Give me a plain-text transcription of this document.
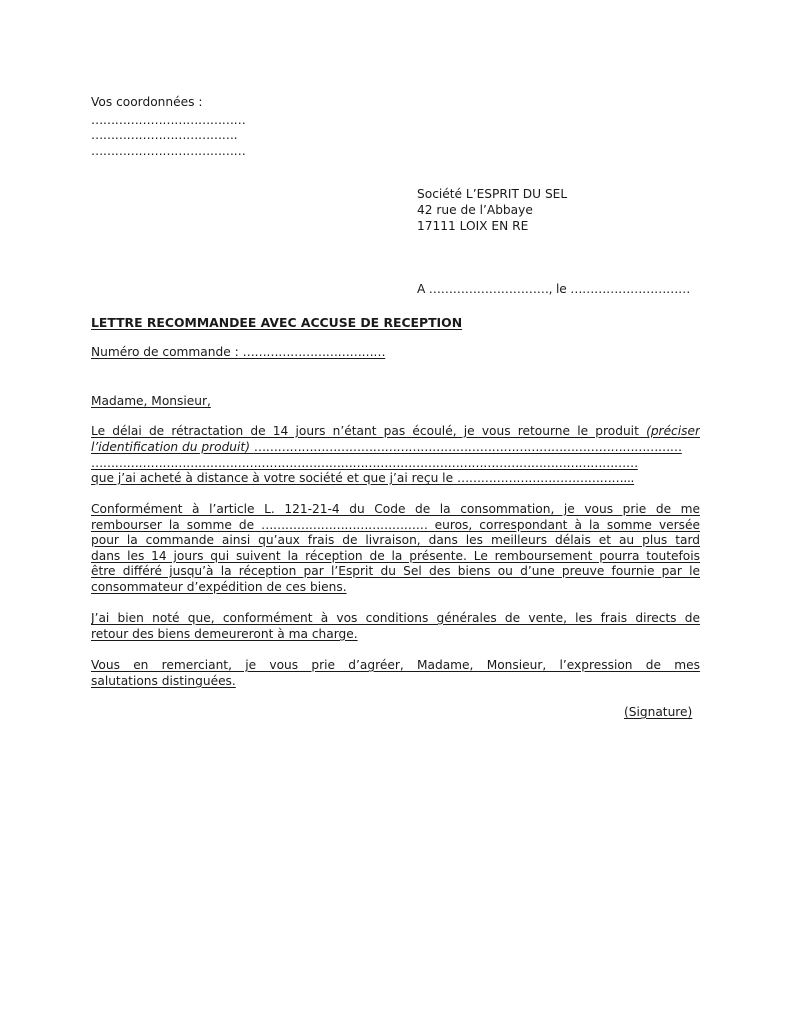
Vos coordonnées :
…………………………………
……………………………….
…………………………………
Société L’ESPRIT DU SEL
42 rue de l’Abbaye
17111 LOIX EN RE
A …………………………, le …………………………
LETTRE RECOMMANDEE AVEC ACCUSE DE RECEPTION
Numéro de commande : ………………………………
Madame, Monsieur,
Le délai de rétractation de 14 jours n’étant pas écoulé, je vous retourne le produit (préciser
l’identification du produit) ………………………………………………………………………………………………
…………………………………………………………………………………………………………………………
que j’ai acheté à distance à votre société et que j’ai reçu le ……………………………………...
Conformément à l’article L. 121-21-4 du Code de la consommation, je vous prie de me
rembourser la somme de …………………………………… euros, correspondant à la somme versée
pour la commande ainsi qu’aux frais de livraison, dans les meilleurs délais et au plus tard
dans les 14 jours qui suivent la réception de la présente. Le remboursement pourra toutefois
être différé jusqu’à la réception par l’Esprit du Sel des biens ou d’une preuve fournie par le
consommateur d’expédition de ces biens.
J’ai bien noté que, conformément à vos conditions générales de vente, les frais directs de
retour des biens demeureront à ma charge.
Vous en remerciant, je vous prie d’agréer, Madame, Monsieur, l’expression de mes
salutations distinguées.
(Signature)
